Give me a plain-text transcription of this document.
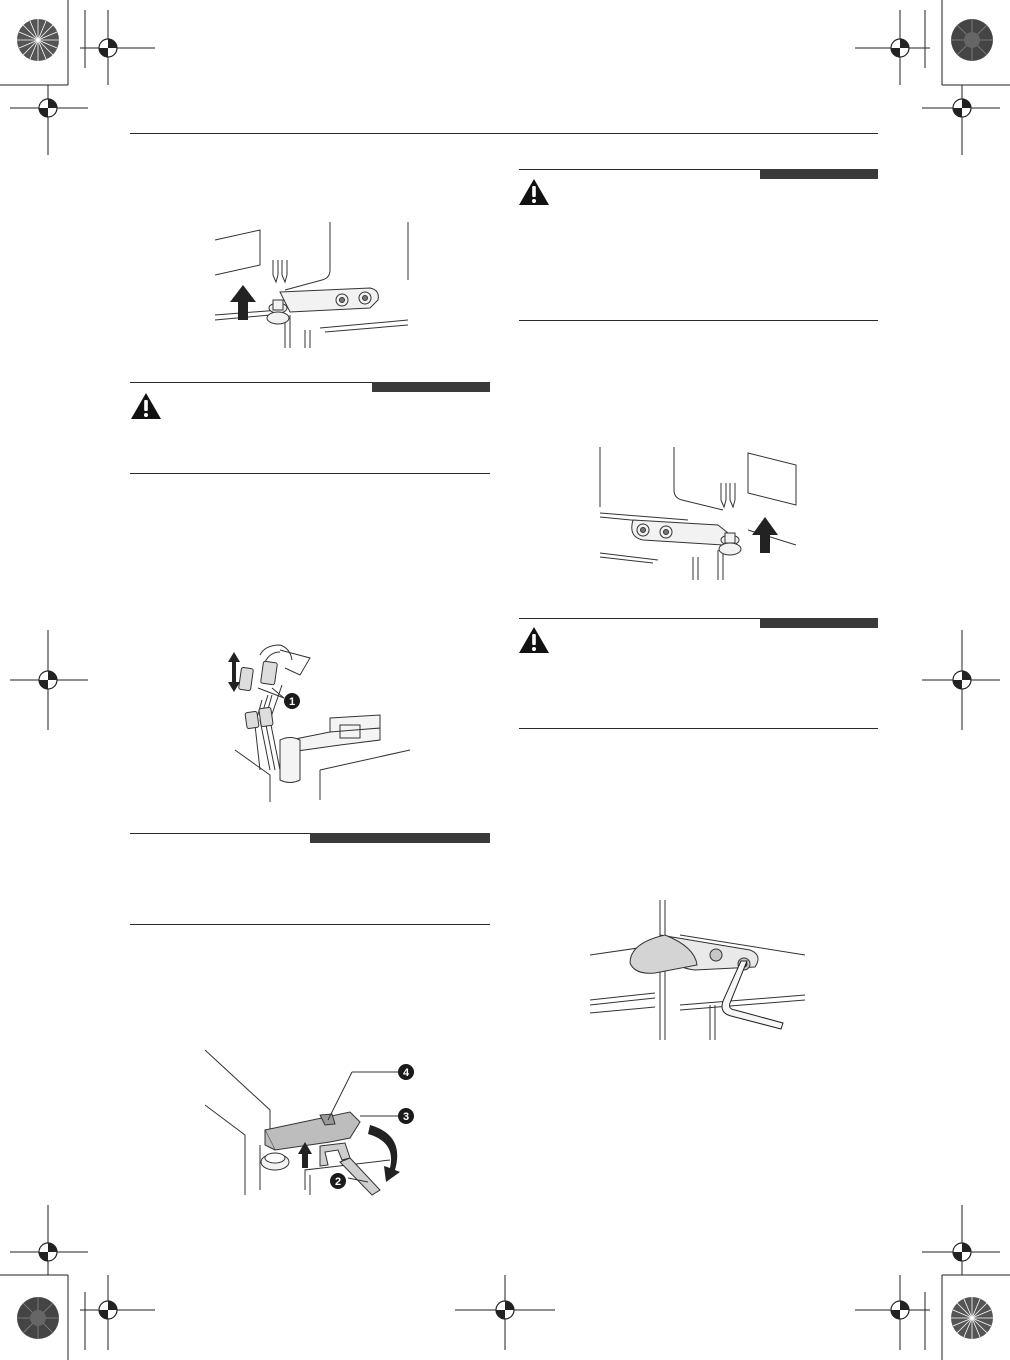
1
4
3
2
